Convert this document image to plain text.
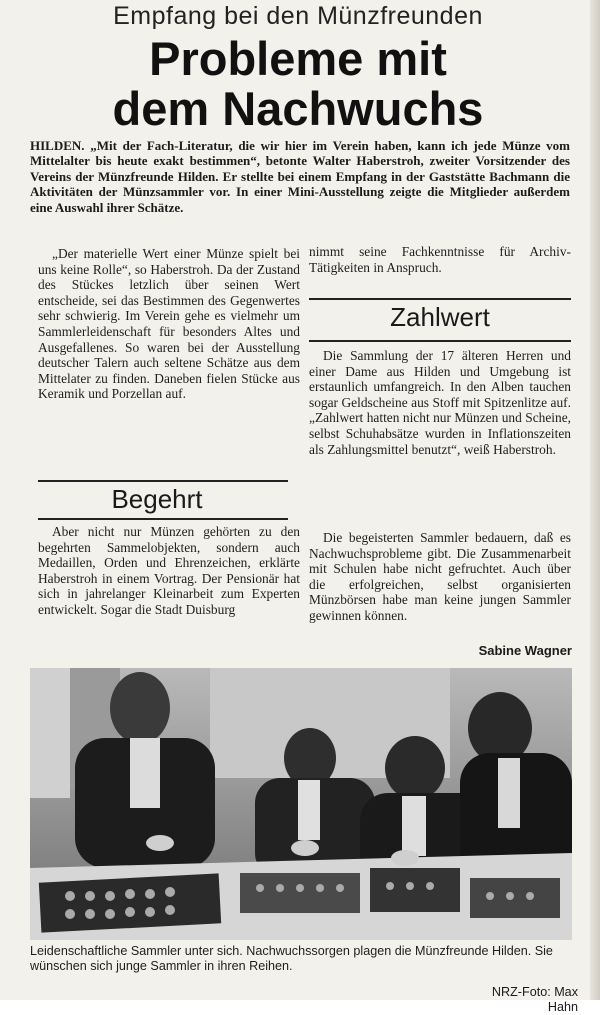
Empfang bei den Münzfreunden
Probleme mit
dem Nachwuchs
HILDEN. „Mit der Fach-Literatur, die wir hier im Verein haben, kann ich jede Münze vom Mittelalter bis heute exakt bestimmen“, betonte Walter Haberstroh, zweiter Vorsitzender des Vereins der Münzfreunde Hilden. Er stellte bei einem Empfang in der Gaststätte Bachmann die Aktivitäten der Münzsammler vor. In einer Mini-Ausstellung zeigte die Mitglieder außerdem eine Auswahl ihrer Schätze.

„Der materielle Wert einer Münze spielt bei uns keine Rolle“, so Haberstroh. Da der Zustand des Stückes letzlich über seinen Wert entscheide, sei das Bestimmen des Gegenwertes sehr schwierig. Im Verein gehe es vielmehr um Sammlerleidenschaft für besonders Altes und Ausgefallenes. So waren bei der Ausstellung deutscher Talern auch seltene Schätze aus dem Mittelater zu finden. Daneben fielen Stücke aus Keramik und Porzellan auf.

Begehrt

Aber nicht nur Münzen gehörten zu den begehrten Sammelobjekten, sondern auch Medaillen, Orden und Ehrenzeichen, erklärte Haberstroh in einem Vortrag. Der Pensionär hat sich in jahrelanger Kleinarbeit zum Experten entwickelt. Sogar die Stadt Duisburg

nimmt seine Fachkenntnisse für Archiv-Tätigkeiten in Anspruch.

Zahlwert

Die Sammlung der 17 älteren Herren und einer Dame aus Hilden und Umgebung ist erstaunlich umfangreich. In den Alben tauchen sogar Geldscheine aus Stoff mit Spitzenlitze auf. „Zahlwert hatten nicht nur Münzen und Scheine, selbst Schuhabsätze wurden in Inflationszeiten als Zahlungsmittel benutzt“, weiß Haberstroh.

Die begeisterten Sammler bedauern, daß es Nachwuchsprobleme gibt. Die Zusammenarbeit mit Schulen habe nicht gefruchtet. Auch über die erfolgreichen, selbst organisierten Münzbörsen habe man keine jungen Sammler gewinnen können.

Sabine Wagner
Leidenschaftliche Sammler unter sich. Nachwuchssorgen plagen die Münzfreunde Hilden. Sie wünschen sich junge Sammler in ihren Reihen.
NRZ-Foto: Max Hahn
